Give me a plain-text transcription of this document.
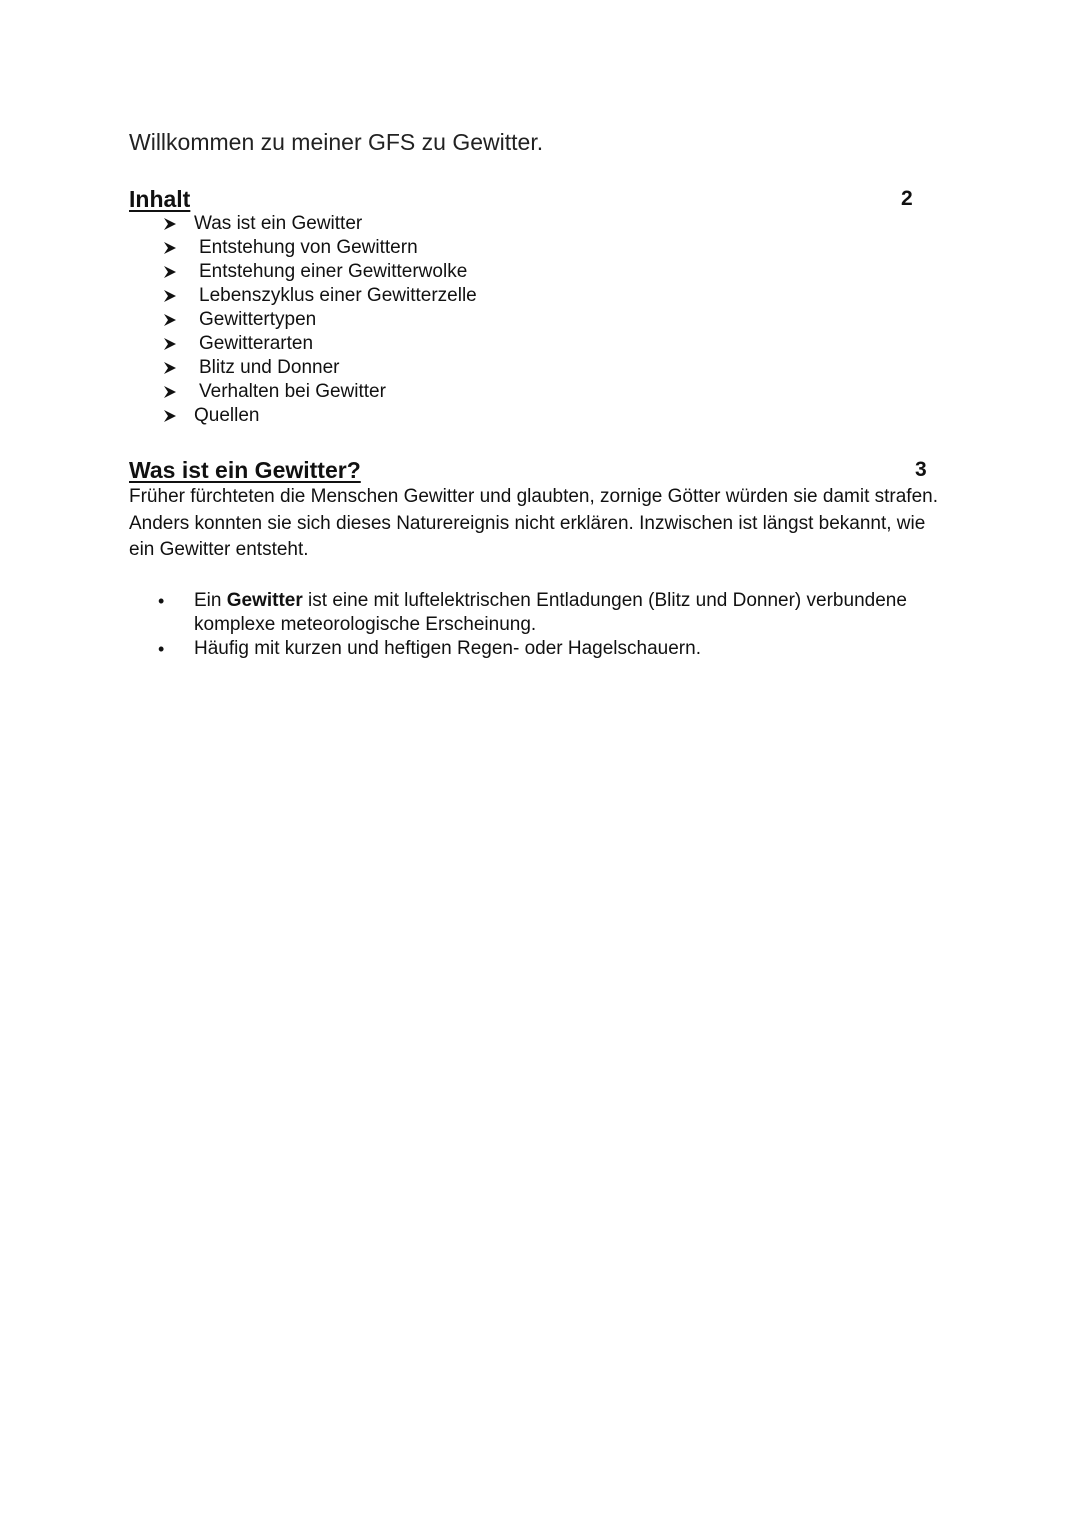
Willkommen zu meiner GFS zu Gewitter.

Inhalt	2
Was ist ein Gewitter
Entstehung von Gewittern
Entstehung einer Gewitterwolke
Lebenszyklus einer Gewitterzelle
Gewittertypen
Gewitterarten
Blitz und Donner
Verhalten bei Gewitter
Quellen
Was ist ein Gewitter?	3

Früher fürchteten die Menschen Gewitter und glaubten, zornige Götter würden sie damit strafen. Anders konnten sie sich dieses Naturereignis nicht erklären. Inzwischen ist längst bekannt, wie ein Gewitter entsteht.

• Ein Gewitter ist eine mit luftelektrischen Entladungen (Blitz und Donner) verbundene komplexe meteorologische Erscheinung.
• Häufig mit kurzen und heftigen Regen- oder Hagelschauern.
